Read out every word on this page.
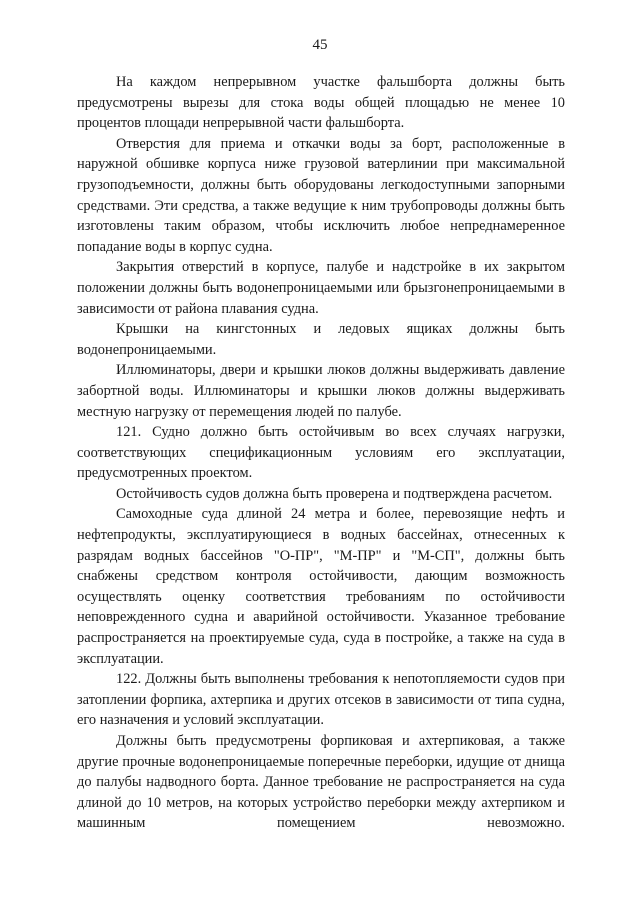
45

На каждом непрерывном участке фальшборта должны быть предусмотрены вырезы для стока воды общей площадью не менее 10 процентов площади непрерывной части фальшборта.

Отверстия для приема и откачки воды за борт, расположенные в наружной обшивке корпуса ниже грузовой ватерлинии при максимальной грузоподъемности, должны быть оборудованы легкодоступными запорными средствами. Эти средства, а также ведущие к ним трубопроводы должны быть изготовлены таким образом, чтобы исключить любое непреднамеренное попадание воды в корпус судна.

Закрытия отверстий в корпусе, палубе и надстройке в их закрытом положении должны быть водонепроницаемыми или брызгонепроницаемыми в зависимости от района плавания судна.

Крышки на кингстонных и ледовых ящиках должны быть водонепроницаемыми.

Иллюминаторы, двери и крышки люков должны выдерживать давление забортной воды. Иллюминаторы и крышки люков должны выдерживать местную нагрузку от перемещения людей по палубе.

121. Судно должно быть остойчивым во всех случаях нагрузки, соответствующих спецификационным условиям его эксплуатации, предусмотренных проектом.

Остойчивость судов должна быть проверена и подтверждена расчетом.

Самоходные суда длиной 24 метра и более, перевозящие нефть и нефтепродукты, эксплуатирующиеся в водных бассейнах, отнесенных к разрядам водных бассейнов "О-ПР", "М-ПР" и "М-СП", должны быть снабжены средством контроля остойчивости, дающим возможность осуществлять оценку соответствия требованиям по остойчивости неповрежденного судна и аварийной остойчивости. Указанное требование распространяется на проектируемые суда, суда в постройке, а также на суда в эксплуатации.

122. Должны быть выполнены требования к непотопляемости судов при затоплении форпика, ахтерпика и других отсеков в зависимости от типа судна, его назначения и условий эксплуатации.

Должны быть предусмотрены форпиковая и ахтерпиковая, а также другие прочные водонепроницаемые поперечные переборки, идущие от днища до палубы надводного борта. Данное требование не распространяется на суда длиной до 10 метров, на которых устройство переборки между ахтерпиком и машинным помещением невозможно.
